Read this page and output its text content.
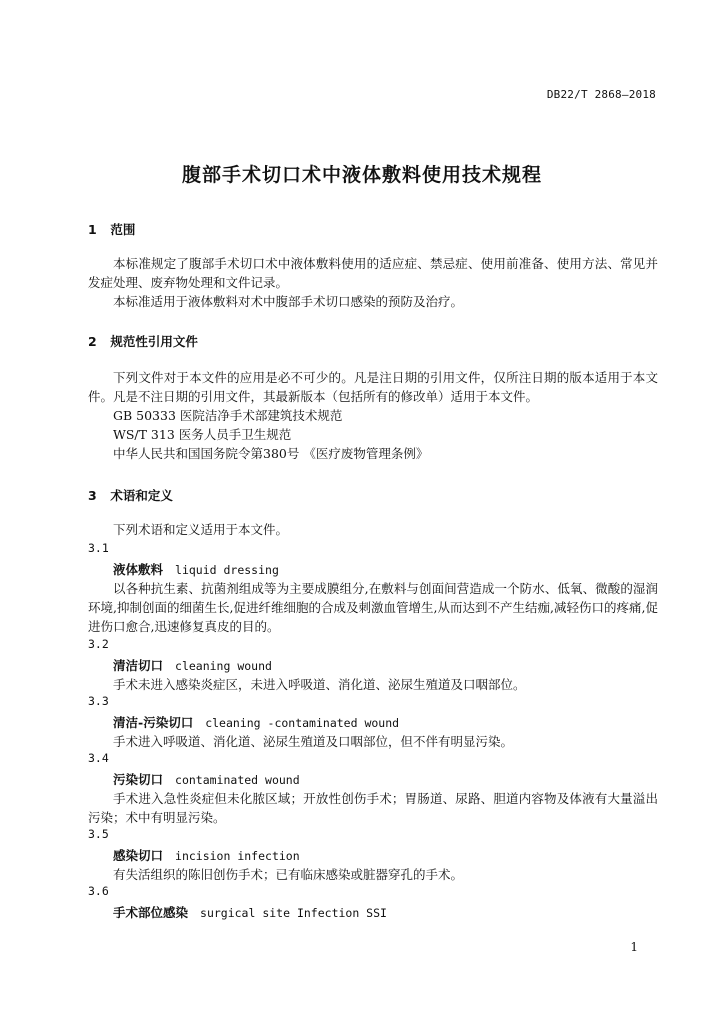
DB22/T 2868—2018
腹部手术切口术中液体敷料使用技术规程
1 范围

本标准规定了腹部手术切口术中液体敷料使用的适应症、禁忌症、使用前准备、使用方法、常见并发症处理、废弃物处理和文件记录。

本标准适用于液体敷料对术中腹部手术切口感染的预防及治疗。

2 规范性引用文件

下列文件对于本文件的应用是必不可少的。凡是注日期的引用文件，仅所注日期的版本适用于本文件。凡是不注日期的引用文件，其最新版本（包括所有的修改单）适用于本文件。

GB 50333 医院洁净手术部建筑技术规范
WS/T 313 医务人员手卫生规范
中华人民共和国国务院令第380号 《医疗废物管理条例》
3 术语和定义
下列术语和定义适用于本文件。
3.1
液体敷料 liquid dressing

以各种抗生素、抗菌剂组成等为主要成膜组分,在敷料与创面间营造成一个防水、低氧、微酸的湿润环境,抑制创面的细菌生长,促进纤维细胞的合成及刺激血管增生,从而达到不产生结痂,减轻伤口的疼痛,促进伤口愈合,迅速修复真皮的目的。

3.2
清洁切口 cleaning wound

手术未进入感染炎症区，未进入呼吸道、消化道、泌尿生殖道及口咽部位。

3.3
清洁-污染切口 cleaning -contaminated wound

手术进入呼吸道、消化道、泌尿生殖道及口咽部位，但不伴有明显污染。

3.4
污染切口 contaminated wound

手术进入急性炎症但未化脓区域；开放性创伤手术；胃肠道、尿路、胆道内容物及体液有大量溢出污染；术中有明显污染。

3.5
感染切口 incision infection

有失活组织的陈旧创伤手术；已有临床感染或脏器穿孔的手术。

3.6
手术部位感染 surgical site Infection SSI
1
